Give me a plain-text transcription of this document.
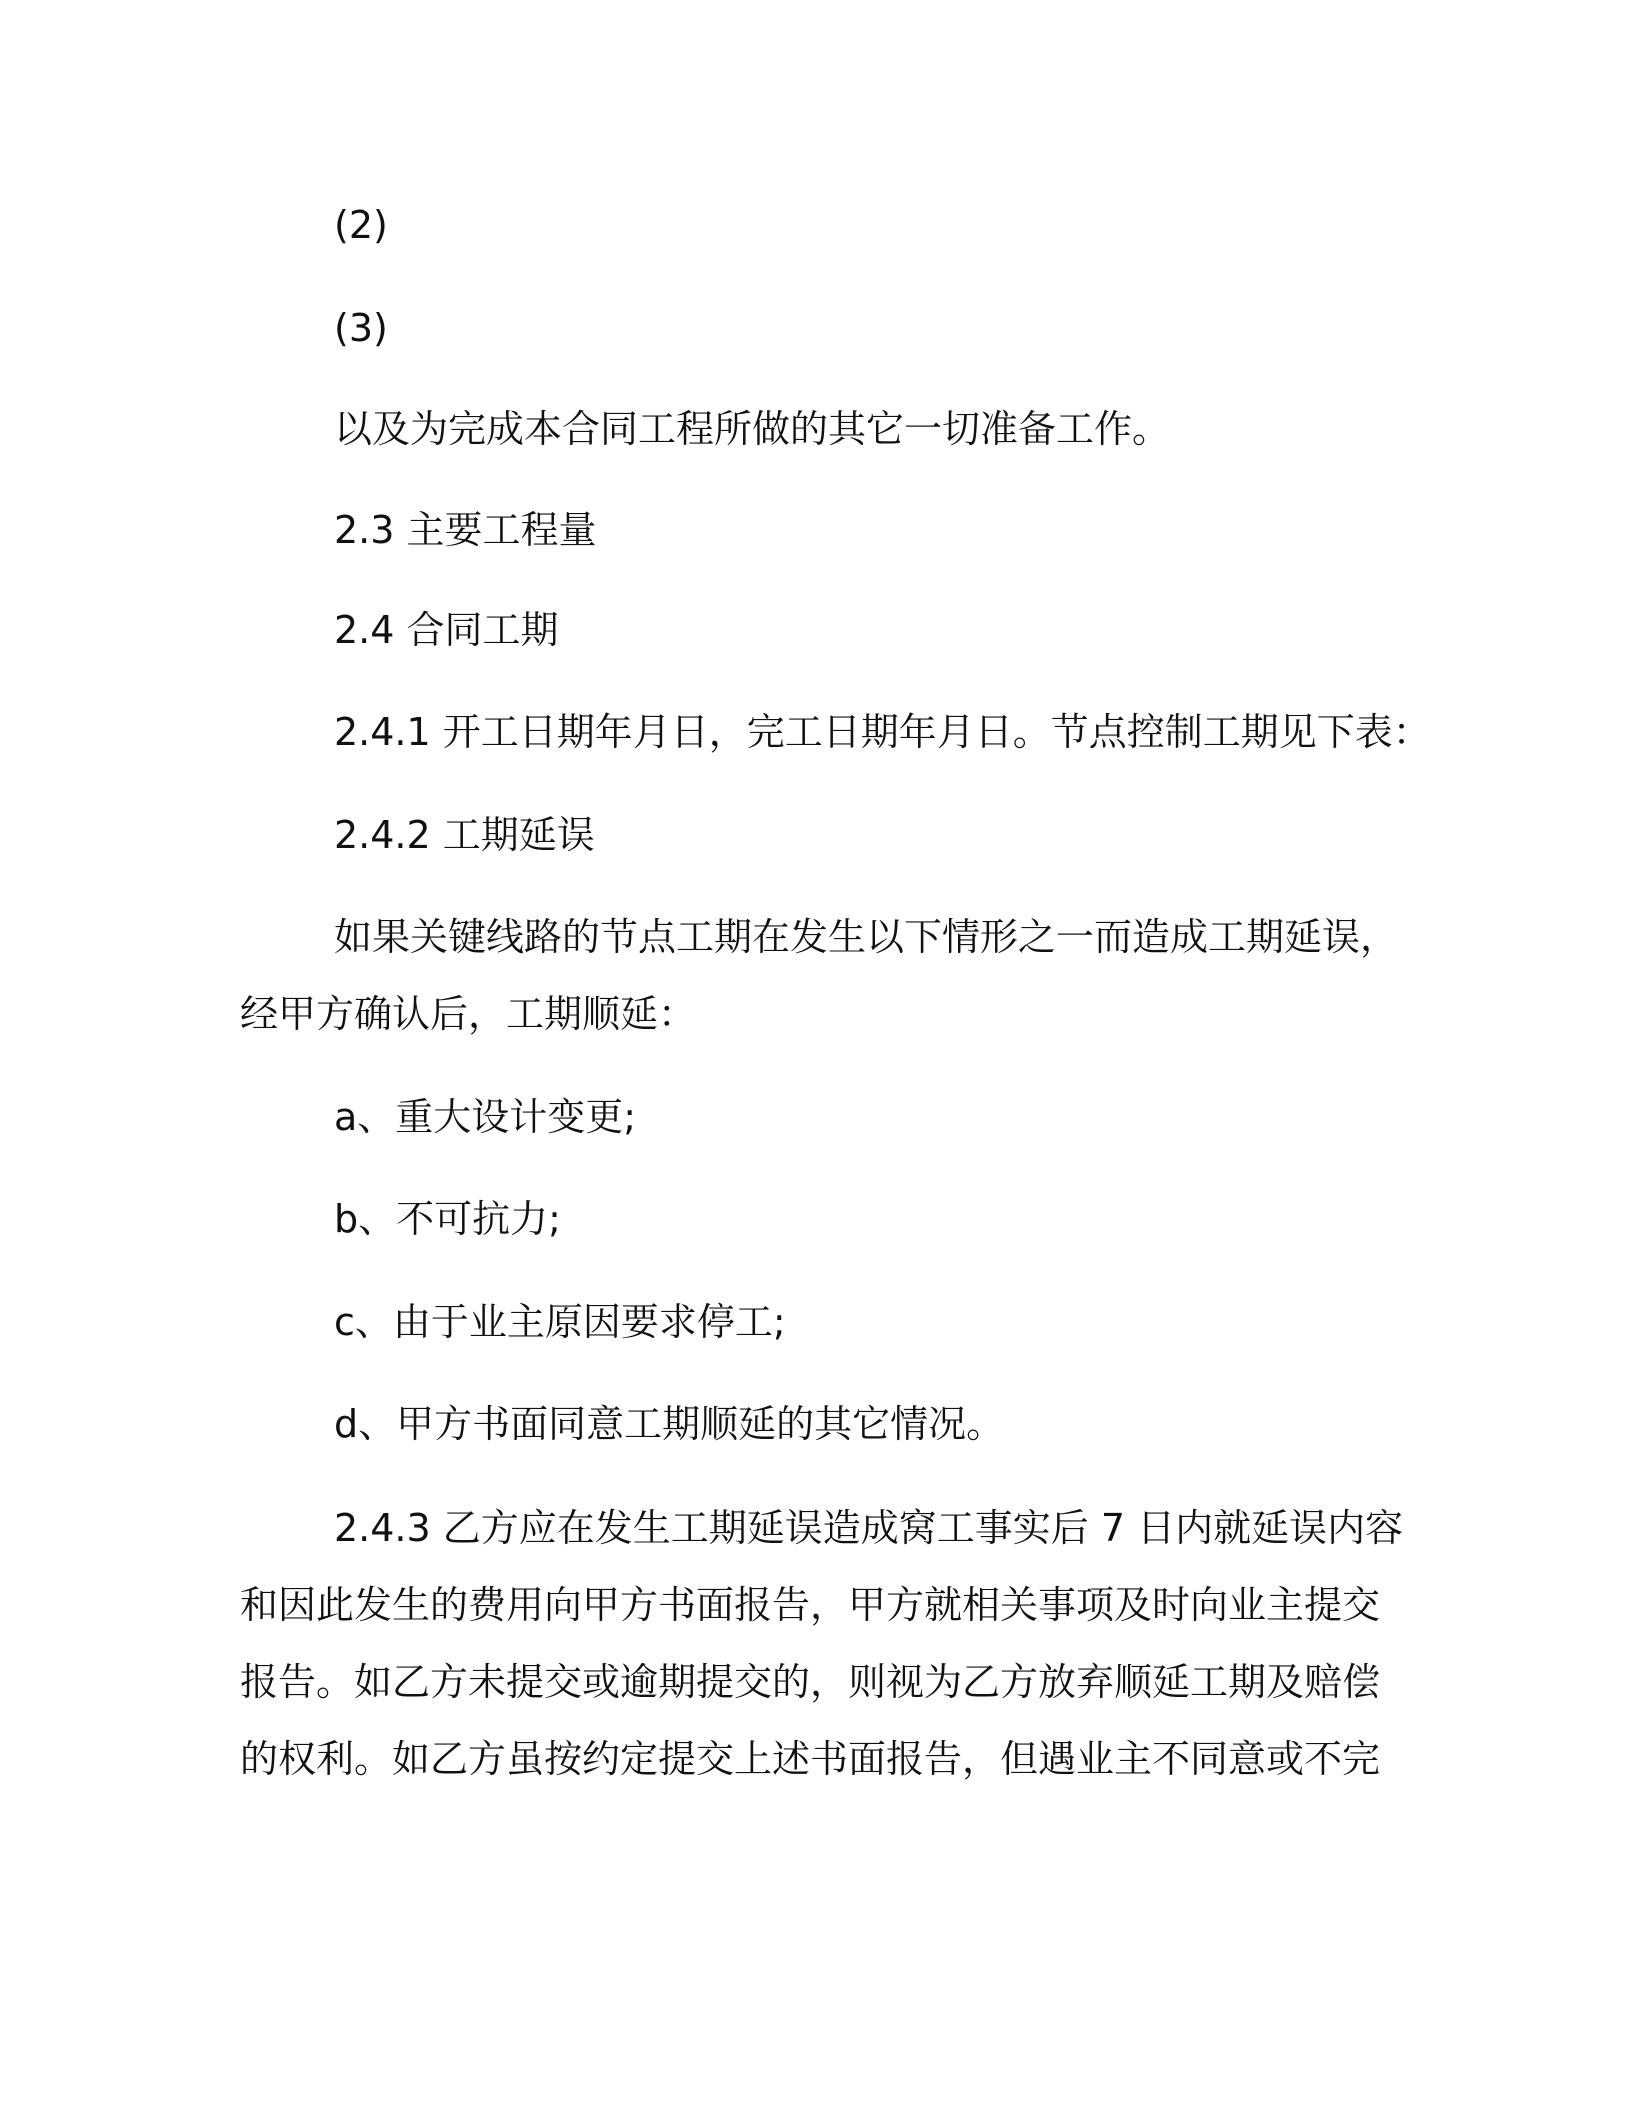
(2)
(3)
以及为完成本合同工程所做的其它一切准备工作。
2.3 主要工程量
2.4 合同工期
2.4.1 开工日期年月日，完工日期年月日。节点控制工期见下表：
2.4.2 工期延误
如果关键线路的节点工期在发生以下情形之一而造成工期延误，
经甲方确认后，工期顺延：
a、重大设计变更;
b、不可抗力;
c、由于业主原因要求停工;
d、甲方书面同意工期顺延的其它情况。
2.4.3 乙方应在发生工期延误造成窝工事实后 7 日内就延误内容
和因此发生的费用向甲方书面报告，甲方就相关事项及时向业主提交
报告。如乙方未提交或逾期提交的，则视为乙方放弃顺延工期及赔偿
的权利。如乙方虽按约定提交上述书面报告，但遇业主不同意或不完
